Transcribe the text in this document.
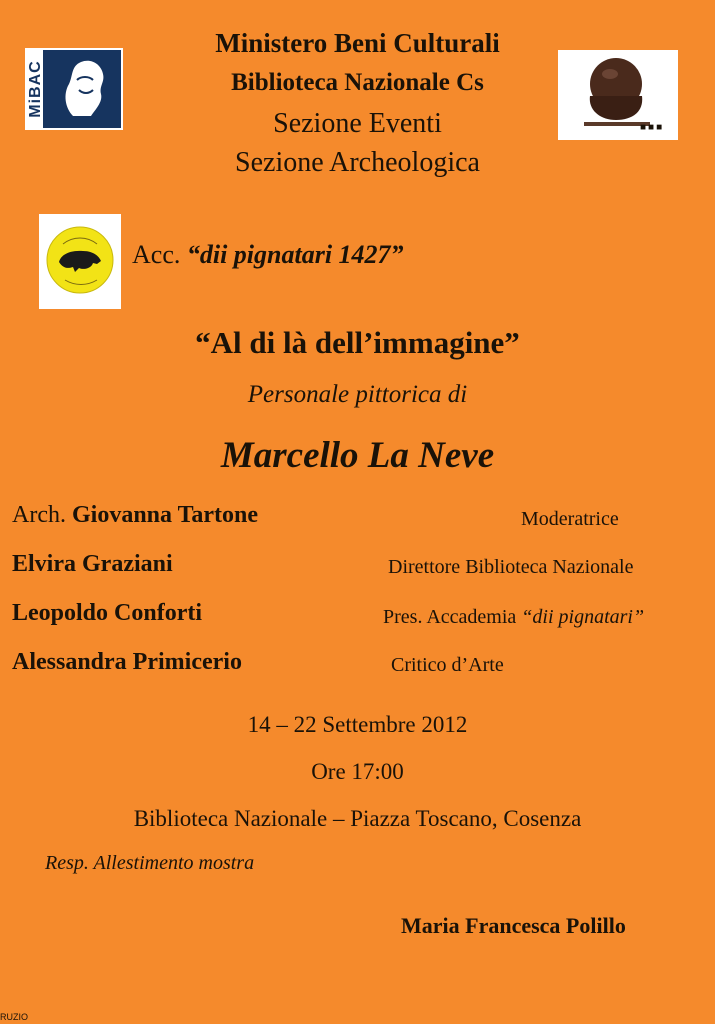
MiBAC
Ministero Beni Culturali
Biblioteca Nazionale Cs
Sezione Eventi
Sezione Archeologica
■■■
Acc. “dii pignatari 1427”
“Al di là dell’immagine”
Personale pittorica di
Marcello La Neve
Arch. Giovanna Tartone	Moderatrice
Elvira Graziani	Direttore Biblioteca Nazionale
Leopoldo Conforti	Pres. Accademia “dii pignatari”
Alessandra Primicerio	Critico d’Arte
14 – 22 Settembre 2012
Ore 17:00
Biblioteca Nazionale – Piazza Toscano, Cosenza
Resp. Allestimento mostra
Maria Francesca Polillo
RUZIO
